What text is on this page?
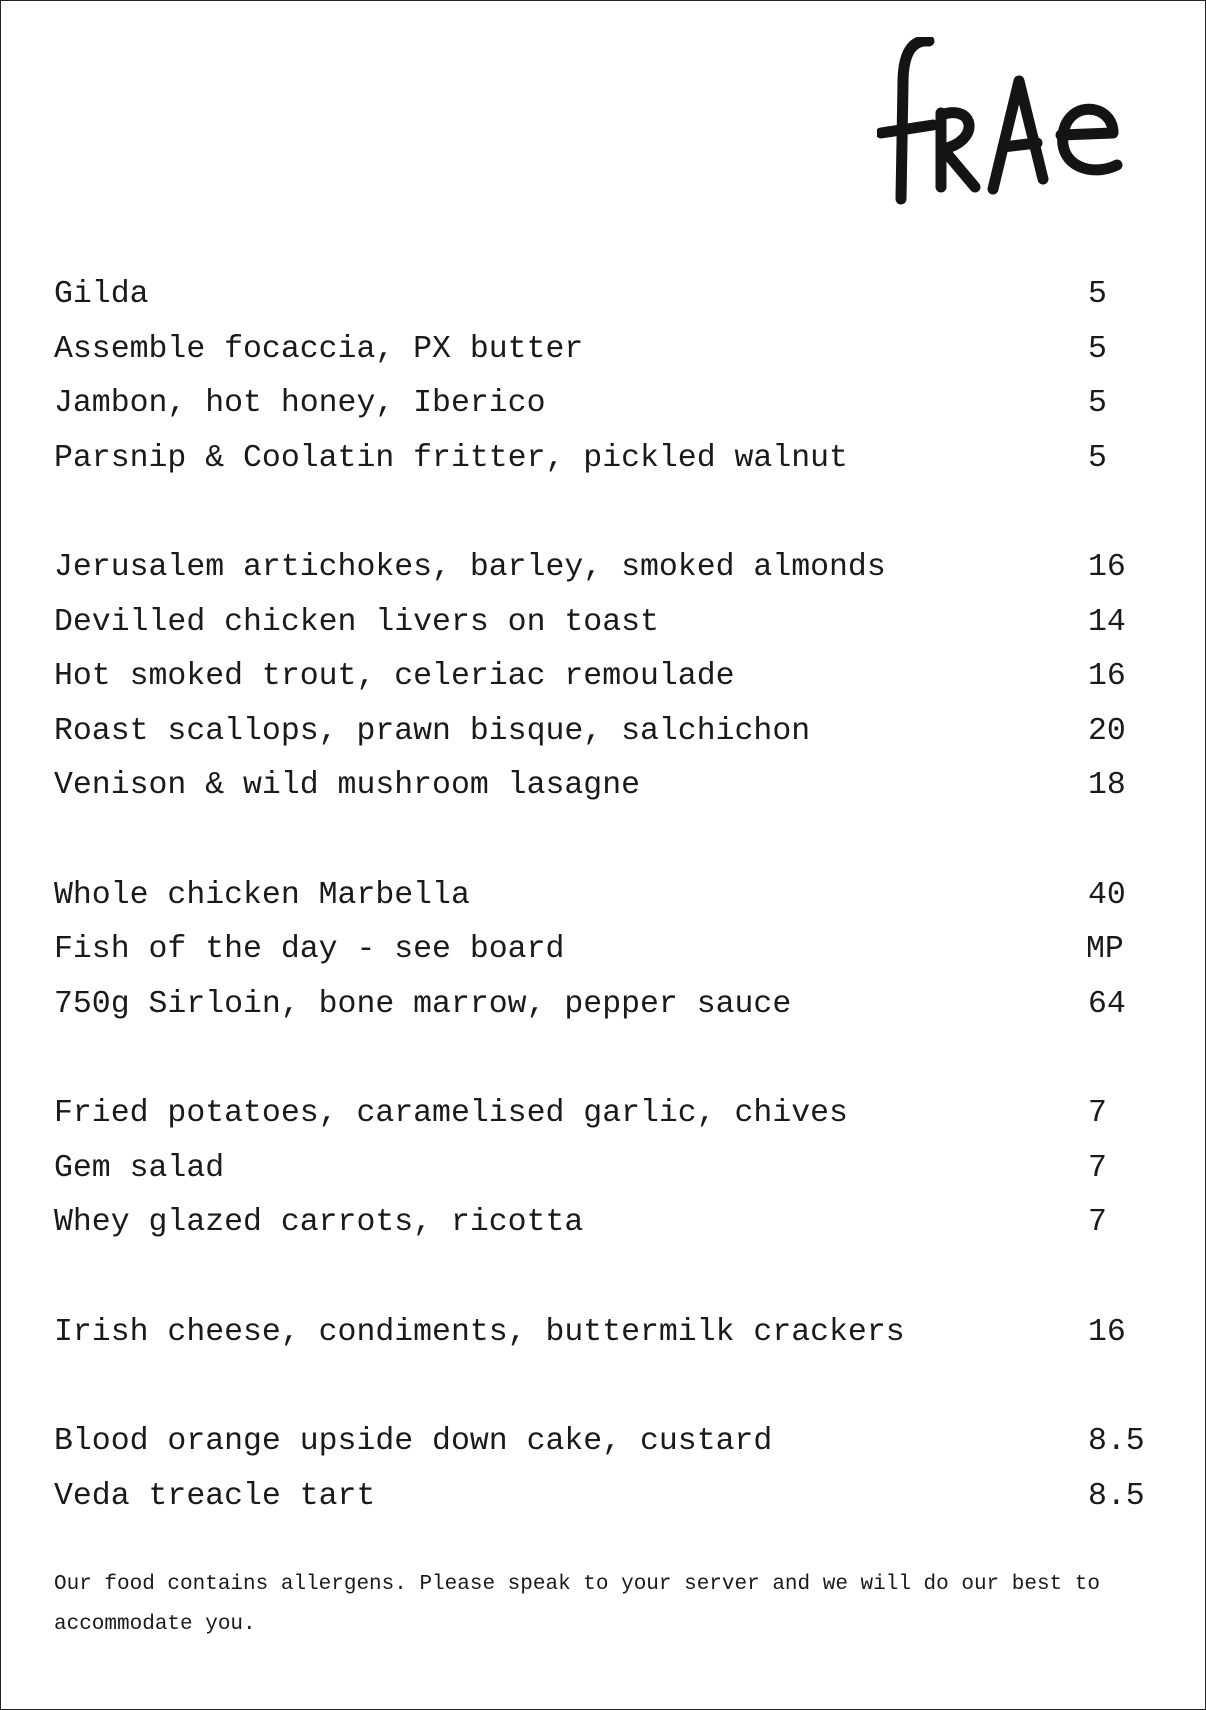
Gilda	5
Assemble focaccia, PX butter	5
Jambon, hot honey, Iberico	5
Parsnip & Coolatin fritter, pickled walnut	5
Jerusalem artichokes, barley, smoked almonds	16
Devilled chicken livers on toast	14
Hot smoked trout, celeriac remoulade	16
Roast scallops, prawn bisque, salchichon	20
Venison & wild mushroom lasagne	18
Whole chicken Marbella	40
Fish of the day - see board	MP
750g Sirloin, bone marrow, pepper sauce	64
Fried potatoes, caramelised garlic, chives	7
Gem salad	7
Whey glazed carrots, ricotta	7
Irish cheese, condiments, buttermilk crackers	16
Blood orange upside down cake, custard	8.5
Veda treacle tart	8.5
Our food contains allergens. Please speak to your server and we will do our best to accommodate you.
